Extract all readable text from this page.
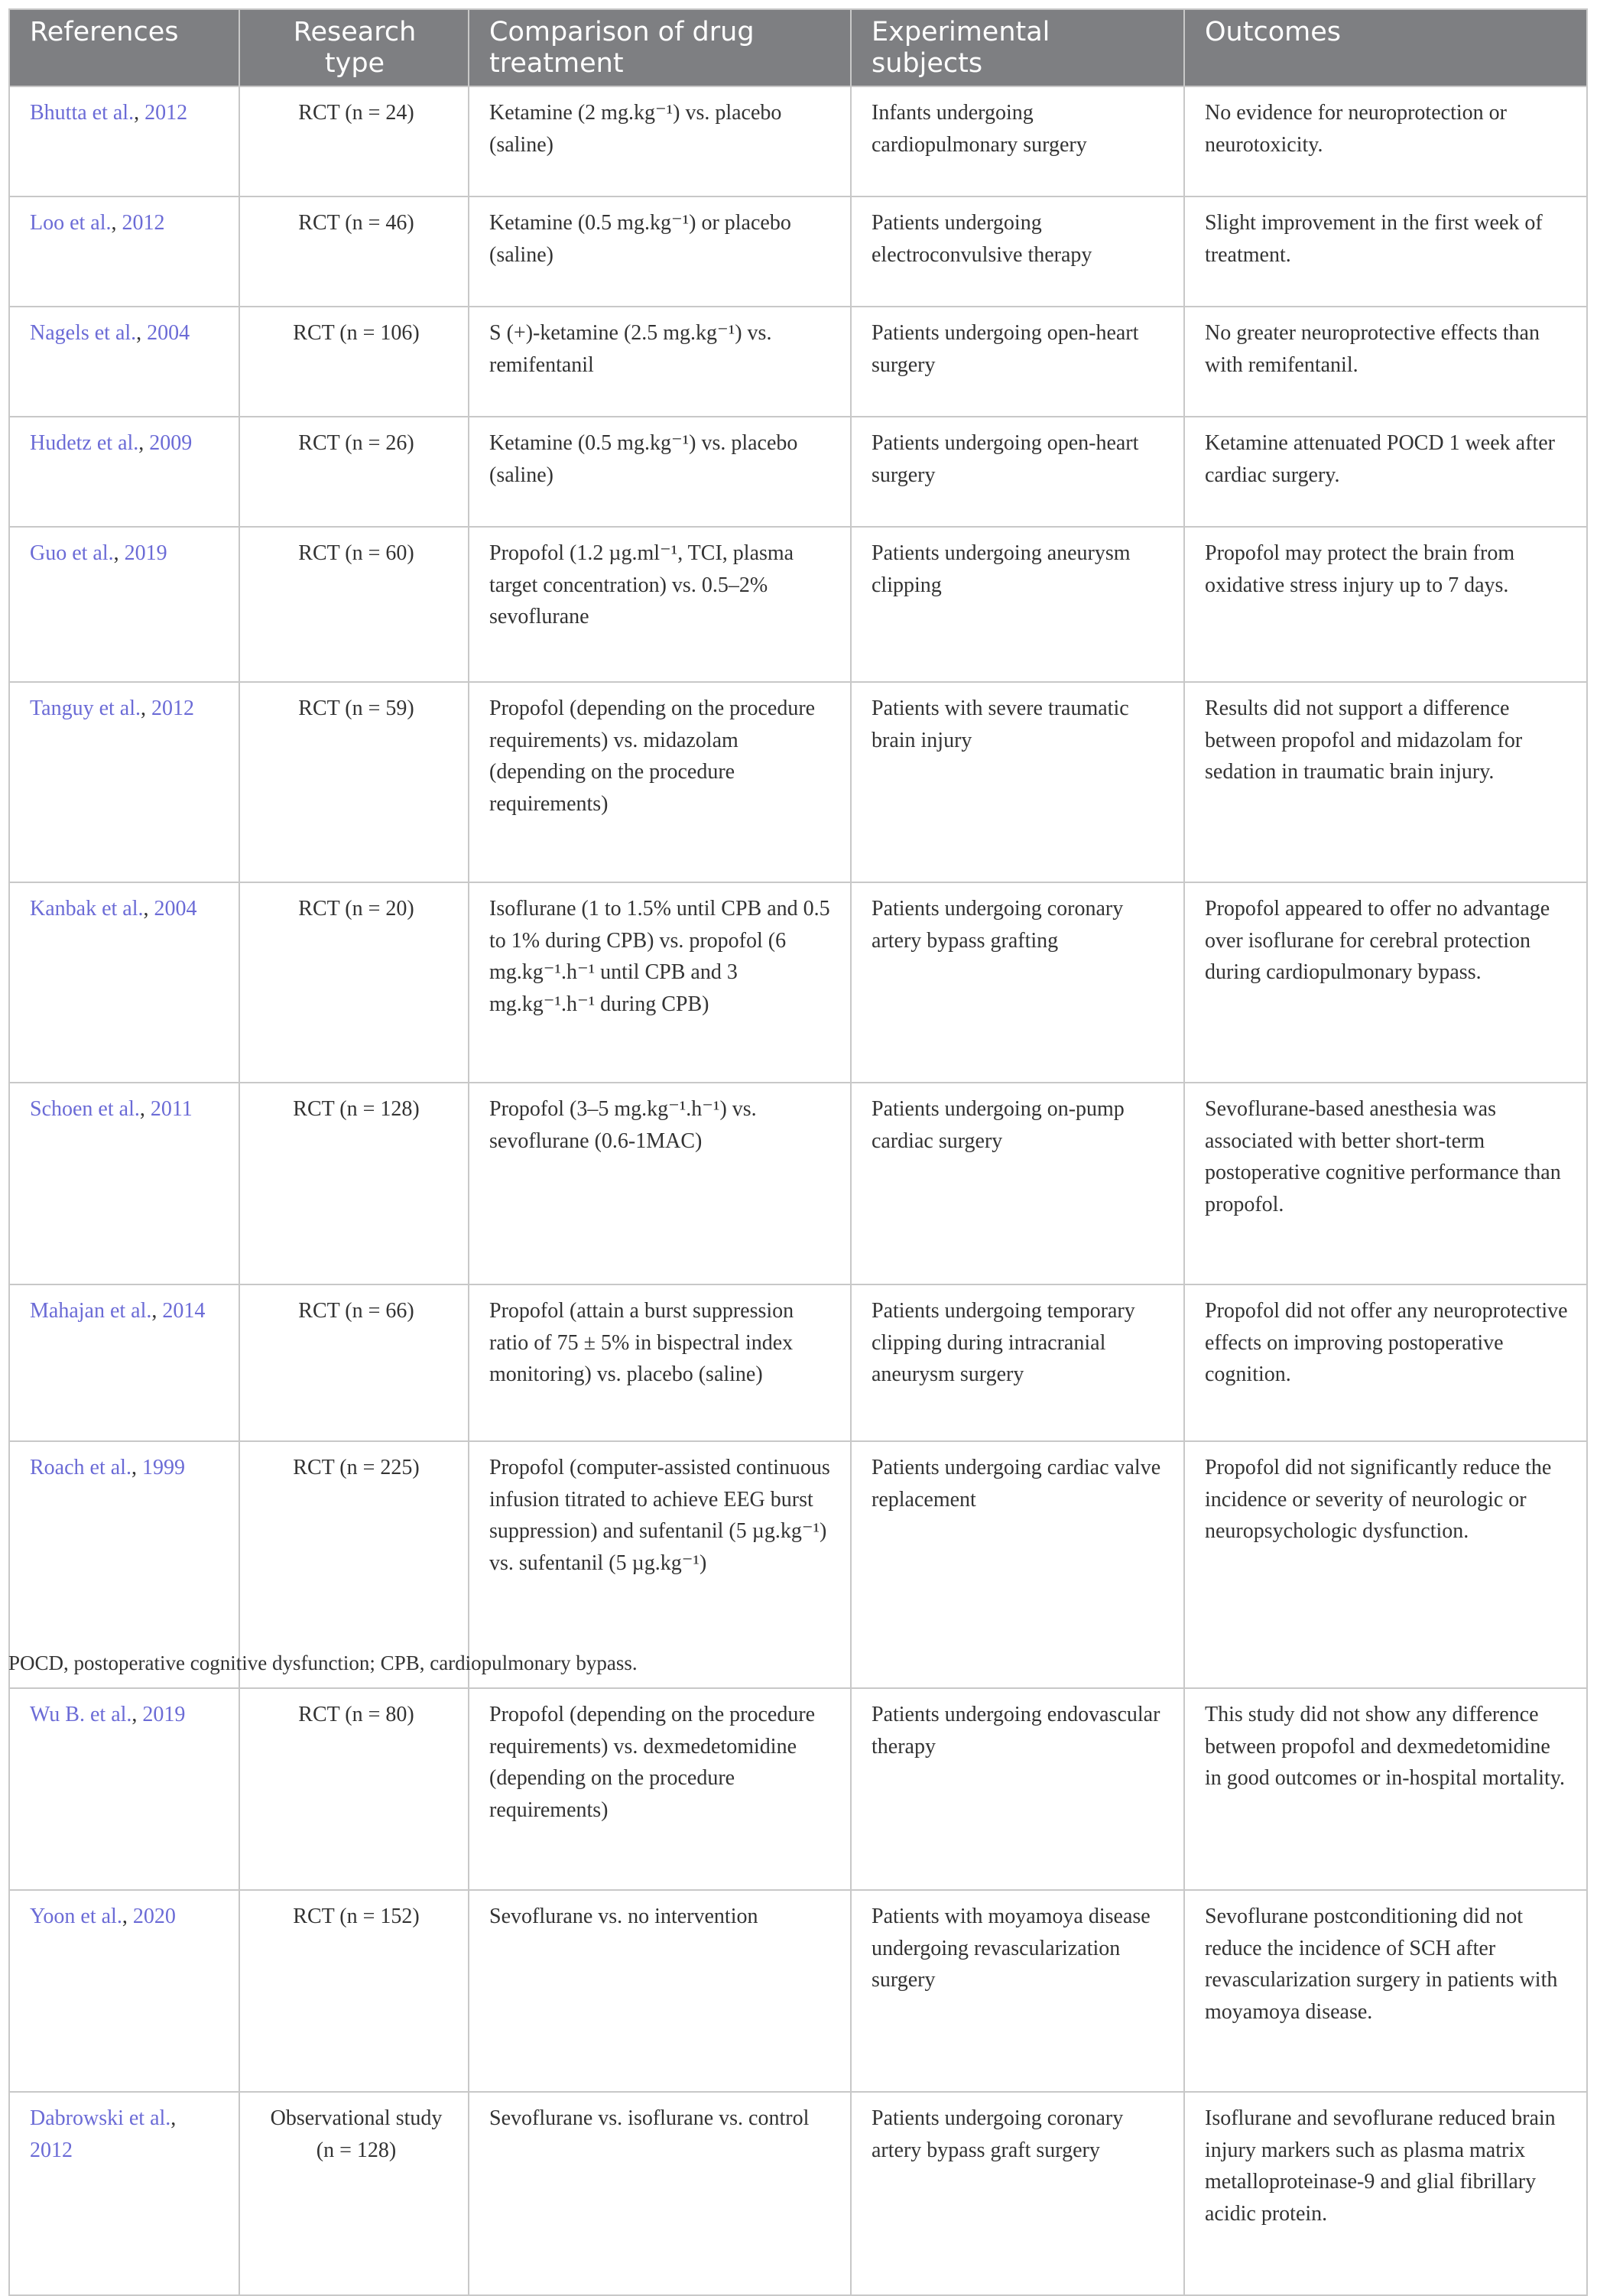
References	Research type	Comparison of drug treatment	Experimental subjects	Outcomes
Bhutta et al., 2012	RCT (n = 24)	Ketamine (2 mg.kg⁻¹) vs. placebo (saline)	Infants undergoing cardiopulmonary surgery	No evidence for neuroprotection or neurotoxicity.
Loo et al., 2012	RCT (n = 46)	Ketamine (0.5 mg.kg⁻¹) or placebo (saline)	Patients undergoing electroconvulsive therapy	Slight improvement in the first week of treatment.
Nagels et al., 2004	RCT (n = 106)	S (+)-ketamine (2.5 mg.kg⁻¹) vs. remifentanil	Patients undergoing open-heart surgery	No greater neuroprotective effects than with remifentanil.
Hudetz et al., 2009	RCT (n = 26)	Ketamine (0.5 mg.kg⁻¹) vs. placebo (saline)	Patients undergoing open-heart surgery	Ketamine attenuated POCD 1 week after cardiac surgery.
Guo et al., 2019	RCT (n = 60)	Propofol (1.2 µg.ml⁻¹, TCI, plasma target concentration) vs. 0.5–2% sevoflurane	Patients undergoing aneurysm clipping	Propofol may protect the brain from oxidative stress injury up to 7 days.
Tanguy et al., 2012	RCT (n = 59)	Propofol (depending on the procedure requirements) vs. midazolam (depending on the procedure requirements)	Patients with severe traumatic brain injury	Results did not support a difference between propofol and midazolam for sedation in traumatic brain injury.
Kanbak et al., 2004	RCT (n = 20)	Isoflurane (1 to 1.5% until CPB and 0.5 to 1% during CPB) vs. propofol (6 mg.kg⁻¹.h⁻¹ until CPB and 3 mg.kg⁻¹.h⁻¹ during CPB)	Patients undergoing coronary artery bypass grafting	Propofol appeared to offer no advantage over isoflurane for cerebral protection during cardiopulmonary bypass.
Schoen et al., 2011	RCT (n = 128)	Propofol (3–5 mg.kg⁻¹.h⁻¹) vs. sevoflurane (0.6-1MAC)	Patients undergoing on-pump cardiac surgery	Sevoflurane-based anesthesia was associated with better short-term postoperative cognitive performance than propofol.
Mahajan et al., 2014	RCT (n = 66)	Propofol (attain a burst suppression ratio of 75 ± 5% in bispectral index monitoring) vs. placebo (saline)	Patients undergoing temporary clipping during intracranial aneurysm surgery	Propofol did not offer any neuroprotective effects on improving postoperative cognition.
Roach et al., 1999	RCT (n = 225)	Propofol (computer-assisted continuous infusion titrated to achieve EEG burst suppression) and sufentanil (5 µg.kg⁻¹) vs. sufentanil (5 µg.kg⁻¹)	Patients undergoing cardiac valve replacement	Propofol did not significantly reduce the incidence or severity of neurologic or neuropsychologic dysfunction.
Wu B. et al., 2019	RCT (n = 80)	Propofol (depending on the procedure requirements) vs. dexmedetomidine (depending on the procedure requirements)	Patients undergoing endovascular therapy	This study did not show any difference between propofol and dexmedetomidine in good outcomes or in-hospital mortality.
Yoon et al., 2020	RCT (n = 152)	Sevoflurane vs. no intervention	Patients with moyamoya disease undergoing revascularization surgery	Sevoflurane postconditioning did not reduce the incidence of SCH after revascularization surgery in patients with moyamoya disease.
Dabrowski et al., 2012	Observational study (n = 128)	Sevoflurane vs. isoflurane vs. control	Patients undergoing coronary artery bypass graft surgery	Isoflurane and sevoflurane reduced brain injury markers such as plasma matrix metalloproteinase-9 and glial fibrillary acidic protein.
POCD, postoperative cognitive dysfunction; CPB, cardiopulmonary bypass.
